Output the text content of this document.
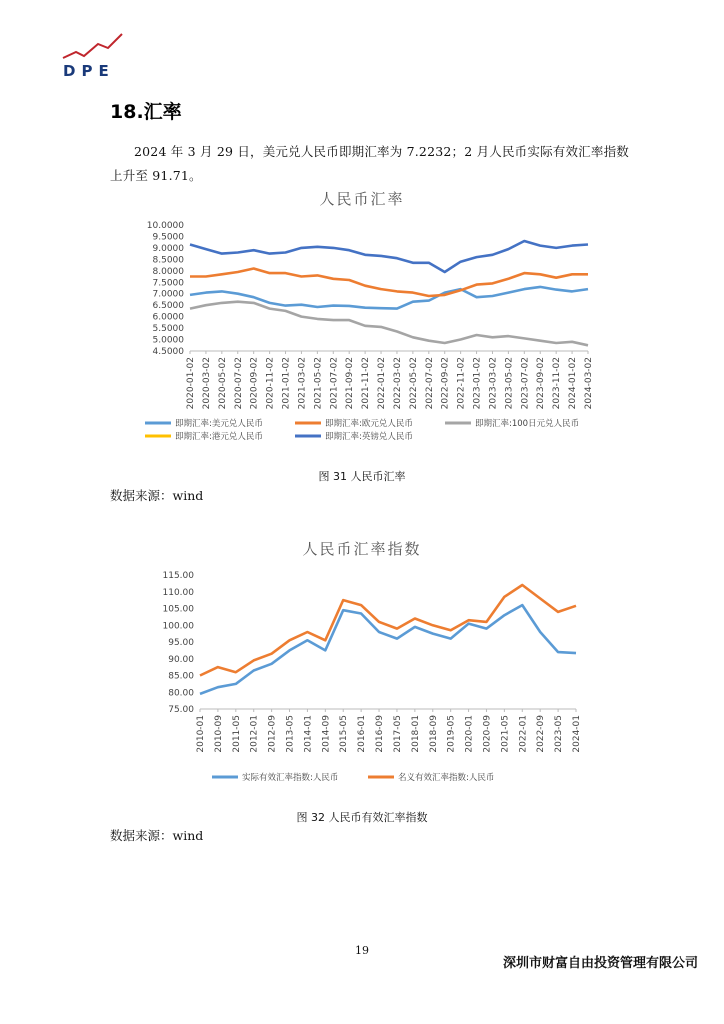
DPE
18.汇率
2024 年 3 月 29 日，美元兑人民币即期汇率为 7.2232；2 月人民币实际有效汇率指数上升至 91.71。
人民币汇率
10.0000
9.5000
9.0000
8.5000
8.0000
7.5000
7.0000
6.5000
6.0000
5.5000
5.0000
4.5000
2020-01-02 2020-03-02 2020-05-02 2020-07-02 2020-09-02 2020-11-02 2021-01-02 2021-03-02 2021-05-02 2021-07-02 2021-09-02 2021-11-02 2022-01-02 2022-03-02 2022-05-02 2022-07-02 2022-09-02 2022-11-02 2023-01-02 2023-03-02 2023-05-02 2023-07-02 2023-09-02 2023-11-02 2024-01-02 2024-03-02
即期汇率:美元兑人民币	即期汇率:欧元兑人民币	即期汇率:100日元兑人民币
即期汇率:港元兑人民币	即期汇率:英镑兑人民币
图 31 人民币汇率
数据来源：wind
人民币汇率指数
115.00
110.00
105.00
100.00
95.00
90.00
85.00
80.00
75.00
2010-01 2010-09 2011-05 2012-01 2012-09 2013-05 2014-01 2014-09 2015-05 2016-01 2016-09 2017-05 2018-01 2018-09 2019-05 2020-01 2020-09 2021-05 2022-01 2022-09 2023-05 2024-01
实际有效汇率指数:人民币	名义有效汇率指数:人民币
图 32 人民币有效汇率指数
数据来源：wind
19
深圳市财富自由投资管理有限公司
